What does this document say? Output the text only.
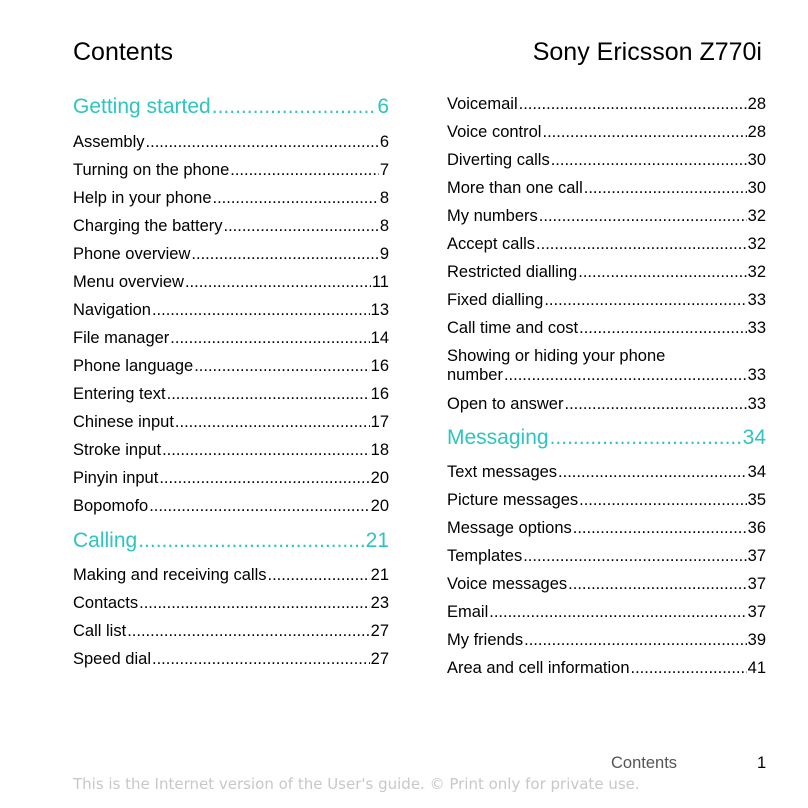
Contents	Sony Ericsson Z770i
Getting started .....	6
Assembly .....	6
Turning on the phone .....	7
Help in your phone .....	8
Charging the battery .....	8
Phone overview .....	9
Menu overview .....	11
Navigation .....	13
File manager .....	14
Phone language .....	16
Entering text .....	16
Chinese input .....	17
Stroke input .....	18
Pinyin input .....	20
Bopomofo .....	20
Calling .....	21
Making and receiving calls .....	21
Contacts .....	23
Call list .....	27
Speed dial .....	27
Voicemail .....	28
Voice control .....	28
Diverting calls .....	30
More than one call .....	30
My numbers .....	32
Accept calls .....	32
Restricted dialling .....	32
Fixed dialling .....	33
Call time and cost .....	33
Showing or hiding your phone
number .....	33
Open to answer .....	33
Messaging .....	34
Text messages .....	34
Picture messages .....	35
Message options .....	36
Templates .....	37
Voice messages .....	37
Email .....	37
My friends .....	39
Area and cell information .....	41
Contents	1
This is the Internet version of the User's guide. © Print only for private use.
